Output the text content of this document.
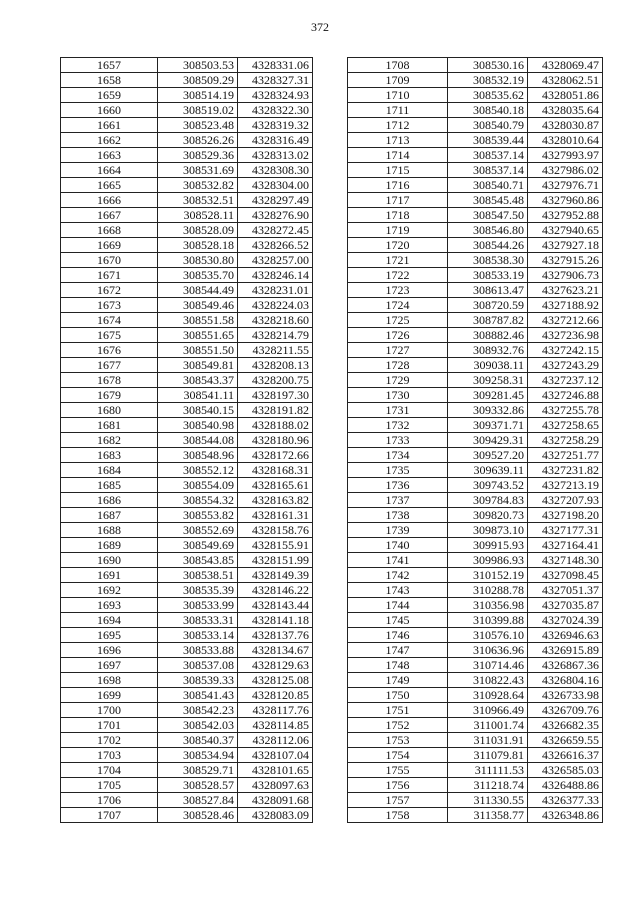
372
1657	308503.53	4328331.06
1658	308509.29	4328327.31
1659	308514.19	4328324.93
1660	308519.02	4328322.30
1661	308523.48	4328319.32
1662	308526.26	4328316.49
1663	308529.36	4328313.02
1664	308531.69	4328308.30
1665	308532.82	4328304.00
1666	308532.51	4328297.49
1667	308528.11	4328276.90
1668	308528.09	4328272.45
1669	308528.18	4328266.52
1670	308530.80	4328257.00
1671	308535.70	4328246.14
1672	308544.49	4328231.01
1673	308549.46	4328224.03
1674	308551.58	4328218.60
1675	308551.65	4328214.79
1676	308551.50	4328211.55
1677	308549.81	4328208.13
1678	308543.37	4328200.75
1679	308541.11	4328197.30
1680	308540.15	4328191.82
1681	308540.98	4328188.02
1682	308544.08	4328180.96
1683	308548.96	4328172.66
1684	308552.12	4328168.31
1685	308554.09	4328165.61
1686	308554.32	4328163.82
1687	308553.82	4328161.31
1688	308552.69	4328158.76
1689	308549.69	4328155.91
1690	308543.85	4328151.99
1691	308538.51	4328149.39
1692	308535.39	4328146.22
1693	308533.99	4328143.44
1694	308533.31	4328141.18
1695	308533.14	4328137.76
1696	308533.88	4328134.67
1697	308537.08	4328129.63
1698	308539.33	4328125.08
1699	308541.43	4328120.85
1700	308542.23	4328117.76
1701	308542.03	4328114.85
1702	308540.37	4328112.06
1703	308534.94	4328107.04
1704	308529.71	4328101.65
1705	308528.57	4328097.63
1706	308527.84	4328091.68
1707	308528.46	4328083.09
1708	308530.16	4328069.47
1709	308532.19	4328062.51
1710	308535.62	4328051.86
1711	308540.18	4328035.64
1712	308540.79	4328030.87
1713	308539.44	4328010.64
1714	308537.14	4327993.97
1715	308537.14	4327986.02
1716	308540.71	4327976.71
1717	308545.48	4327960.86
1718	308547.50	4327952.88
1719	308546.80	4327940.65
1720	308544.26	4327927.18
1721	308538.30	4327915.26
1722	308533.19	4327906.73
1723	308613.47	4327623.21
1724	308720.59	4327188.92
1725	308787.82	4327212.66
1726	308882.46	4327236.98
1727	308932.76	4327242.15
1728	309038.11	4327243.29
1729	309258.31	4327237.12
1730	309281.45	4327246.88
1731	309332.86	4327255.78
1732	309371.71	4327258.65
1733	309429.31	4327258.29
1734	309527.20	4327251.77
1735	309639.11	4327231.82
1736	309743.52	4327213.19
1737	309784.83	4327207.93
1738	309820.73	4327198.20
1739	309873.10	4327177.31
1740	309915.93	4327164.41
1741	309986.93	4327148.30
1742	310152.19	4327098.45
1743	310288.78	4327051.37
1744	310356.98	4327035.87
1745	310399.88	4327024.39
1746	310576.10	4326946.63
1747	310636.96	4326915.89
1748	310714.46	4326867.36
1749	310822.43	4326804.16
1750	310928.64	4326733.98
1751	310966.49	4326709.76
1752	311001.74	4326682.35
1753	311031.91	4326659.55
1754	311079.81	4326616.37
1755	311111.53	4326585.03
1756	311218.74	4326488.86
1757	311330.55	4326377.33
1758	311358.77	4326348.86
